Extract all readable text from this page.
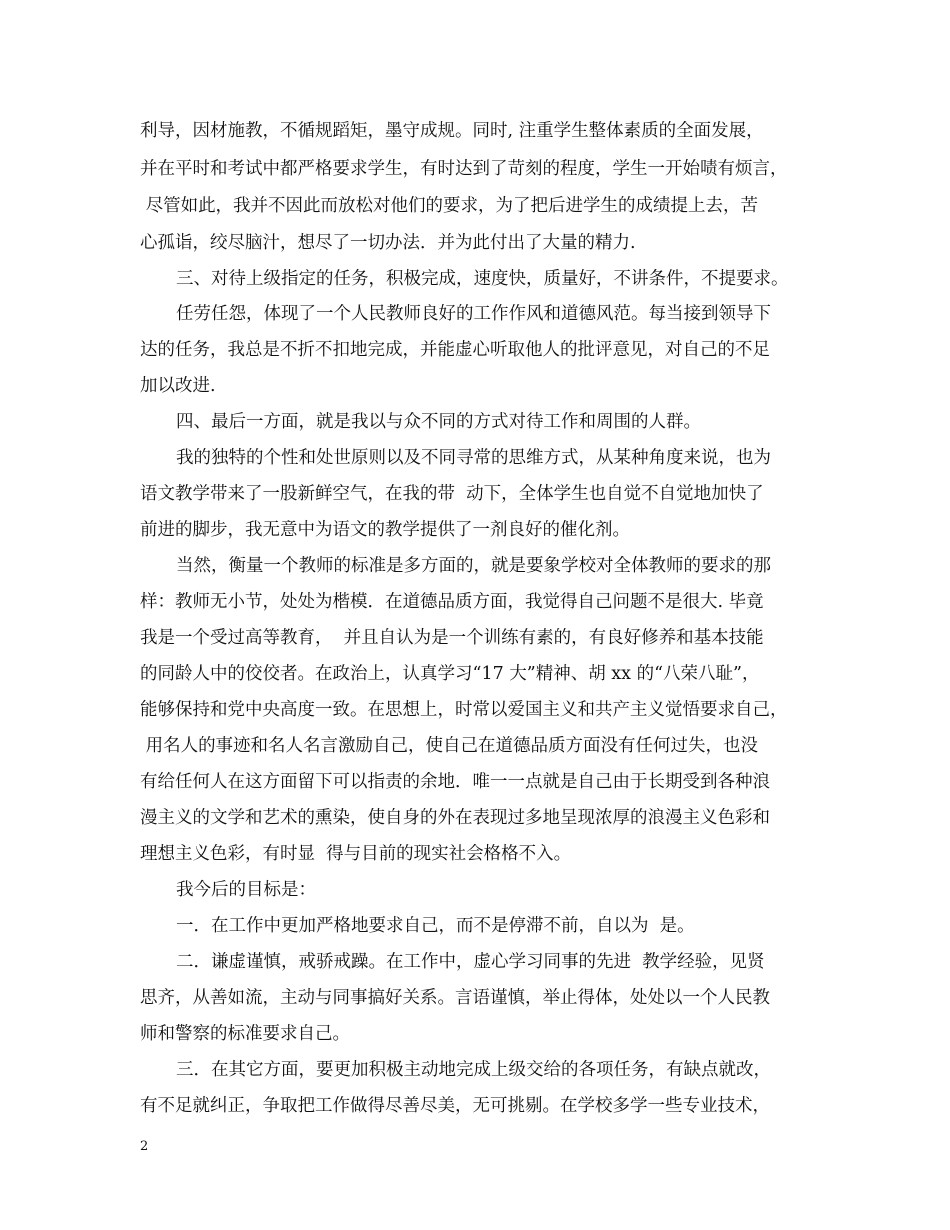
利导，因材施教，不循规蹈矩，墨守成规。同时, 注重学生整体素质的全面发展，
并在平时和考试中都严格要求学生，有时达到了苛刻的程度，学生一开始啧有烦言，
尽管如此，我并不因此而放松对他们的要求，为了把后进学生的成绩提上去，苦
心孤诣，绞尽脑汁，想尽了一切办法．并为此付出了大量的精力.
三、对待上级指定的任务，积极完成，速度快，质量好，不讲条件，不提要求。
任劳任怨，体现了一个人民教师良好的工作作风和道德风范。每当接到领导下
达的任务，我总是不折不扣地完成，并能虚心听取他人的批评意见，对自己的不足
加以改进.
四、最后一方面，就是我以与众不同的方式对待工作和周围的人群。
我的独特的个性和处世原则以及不同寻常的思维方式，从某种角度来说，也为
语文教学带来了一股新鲜空气，在我的带  动下，全体学生也自觉不自觉地加快了
前进的脚步，我无意中为语文的教学提供了一剂良好的催化剂。
当然，衡量一个教师的标准是多方面的，就是要象学校对全体教师的要求的那
样：教师无小节，处处为楷模．在道德品质方面，我觉得自己问题不是很大. 毕竟
我是一个受过高等教育，  并且自认为是一个训练有素的，有良好修养和基本技能
的同龄人中的佼佼者。在政治上，认真学习“17 大”精神、胡 xx 的“八荣八耻”，
能够保持和党中央高度一致。在思想上，时常以爱国主义和共产主义觉悟要求自己，
用名人的事迹和名人名言激励自己，使自己在道德品质方面没有任何过失，也没
有给任何人在这方面留下可以指责的余地．唯一一点就是自己由于长期受到各种浪
漫主义的文学和艺术的熏染，使自身的外在表现过多地呈现浓厚的浪漫主义色彩和
理想主义色彩，有时显  得与目前的现实社会格格不入。
我今后的目标是：
一．在工作中更加严格地要求自己，而不是停滞不前，自以为  是。
二．谦虚谨慎，戒骄戒躁。在工作中，虚心学习同事的先进  教学经验，见贤
思齐，从善如流，主动与同事搞好关系。言语谨慎，举止得体，处处以一个人民教
师和警察的标准要求自己。
三．在其它方面，要更加积极主动地完成上级交给的各项任务，有缺点就改，
有不足就纠正，争取把工作做得尽善尽美，无可挑剔。在学校多学一些专业技术，
2
